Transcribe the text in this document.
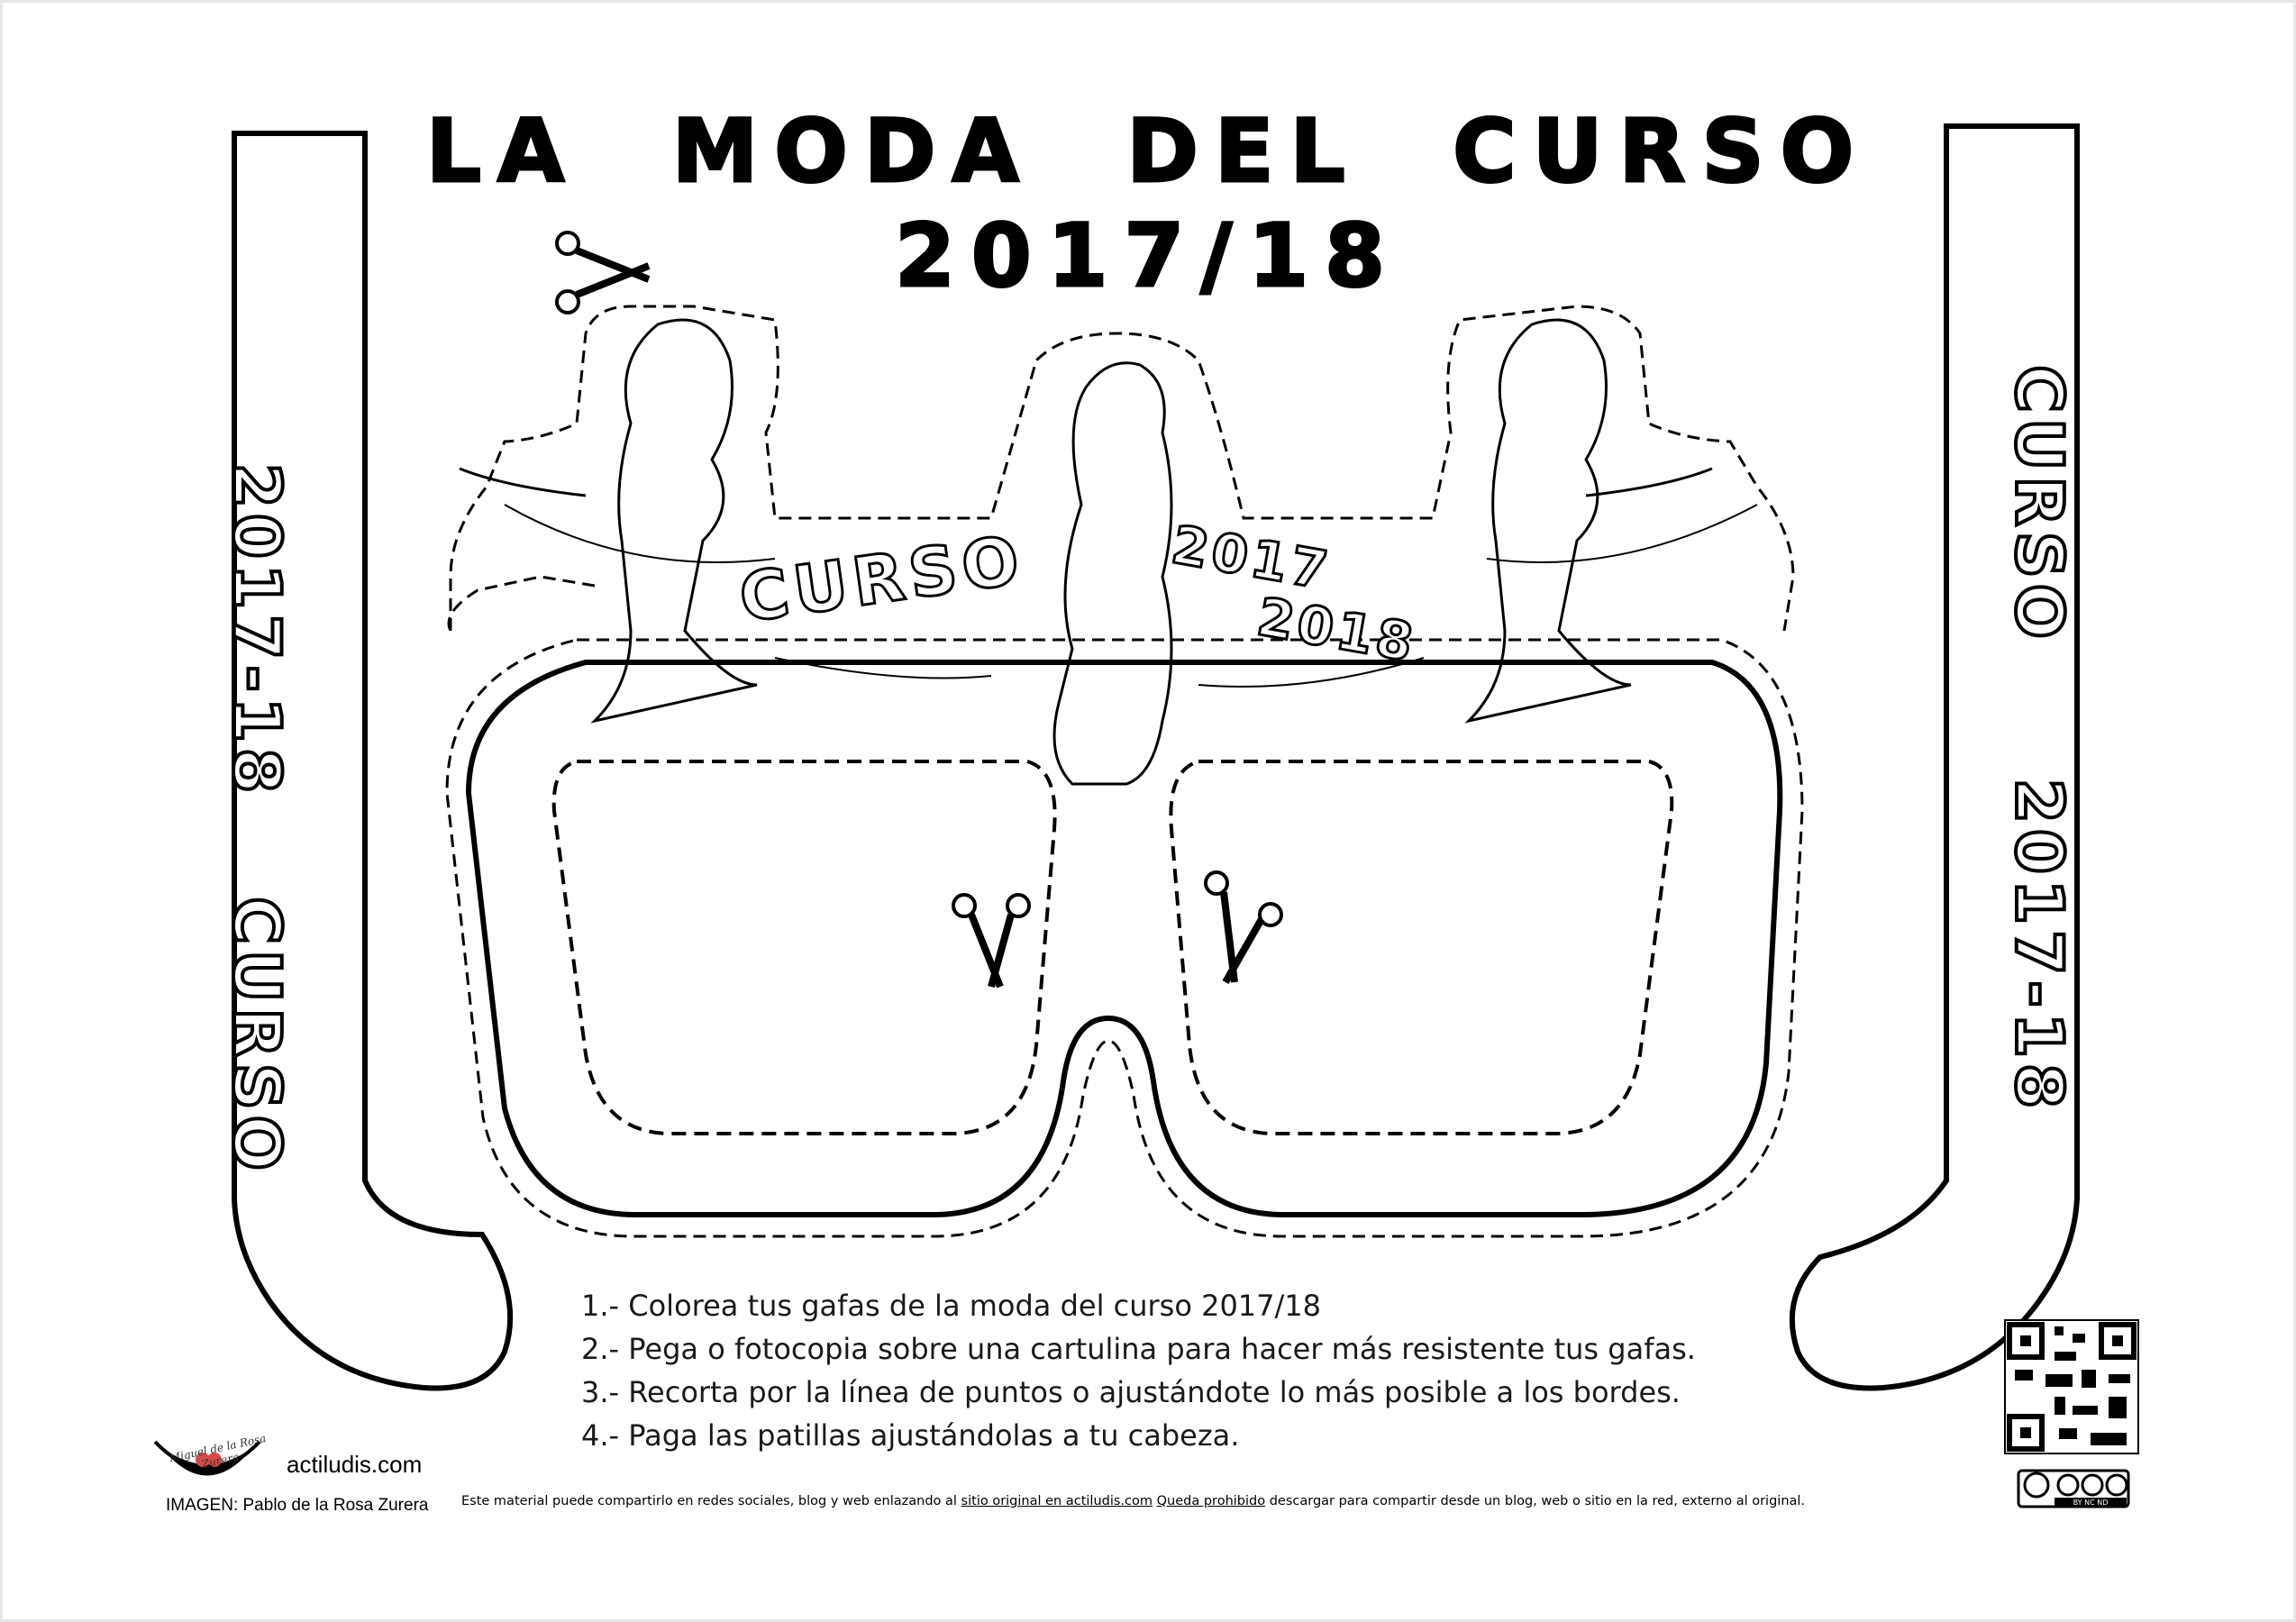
LA MODA DEL CURSO
2017/18
2017-18
CURSO
CURSO
2017-18
CURSO	2017
2018
1.- Colorea tus gafas de la moda del curso 2017/18
2.- Pega o fotocopia sobre una cartulina para hacer más resistente tus gafas.
3.- Recorta por la línea de puntos o ajustándote lo más posible a los bordes.
4.- Paga las patillas ajustándolas a tu cabeza.
Miguel de la Rosa Zurera	actiludis.com
IMAGEN: Pablo de la Rosa Zurera	Este material puede compartirlo en redes sociales, blog y web enlazando al sitio original en actiludis.com Queda prohibido descargar para compartir desde un blog, web o sitio en la red, externo al original.	BY NC ND
